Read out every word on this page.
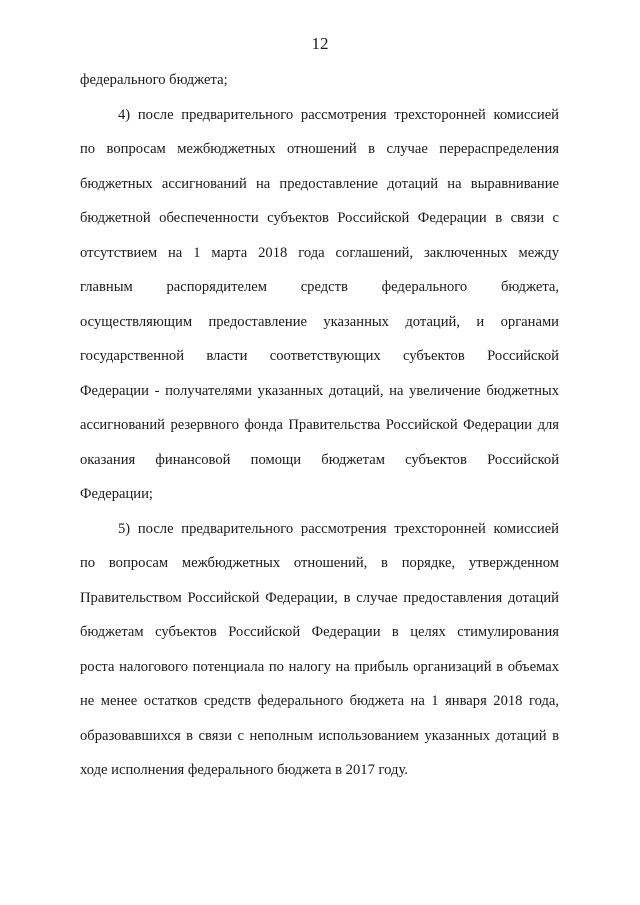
12
федерального бюджета;
4) после предварительного рассмотрения трехсторонней комиссией
по вопросам межбюджетных отношений в случае перераспределения
бюджетных ассигнований на предоставление дотаций на выравнивание
бюджетной обеспеченности субъектов Российской Федерации в связи с
отсутствием на 1 марта 2018 года соглашений, заключенных между
главным распорядителем средств федерального бюджета,
осуществляющим предоставление указанных дотаций, и органами
государственной власти соответствующих субъектов Российской
Федерации - получателями указанных дотаций, на увеличение бюджетных
ассигнований резервного фонда Правительства Российской Федерации для
оказания финансовой помощи бюджетам субъектов Российской
Федерации;
5) после предварительного рассмотрения трехсторонней комиссией
по вопросам межбюджетных отношений, в порядке, утвержденном
Правительством Российской Федерации, в случае предоставления дотаций
бюджетам субъектов Российской Федерации в целях стимулирования
роста налогового потенциала по налогу на прибыль организаций в объемах
не менее остатков средств федерального бюджета на 1 января 2018 года,
образовавшихся в связи с неполным использованием указанных дотаций в
ходе исполнения федерального бюджета в 2017 году.
